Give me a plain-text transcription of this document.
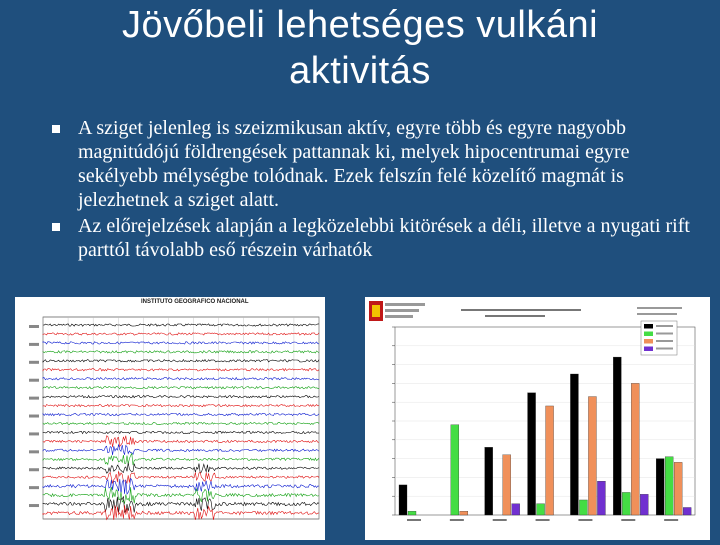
Jövőbeli lehetséges vulkáni
aktivitás
A sziget jelenleg is szeizmikusan aktív, egyre több és egyre nagyobb magnitúdójú földrengések pattannak ki, melyek hipocentrumai egyre sekélyebb mélységbe tolódnak. Ezek felszín felé közelítő magmát is jelezhetnek a sziget alatt.
Az előrejelzések alapján a legközelebbi kitörések a déli, illetve a nyugati rift parttól távolabb eső részein várhatók
INSTITUTO GEOGRAFICO NACIONAL
